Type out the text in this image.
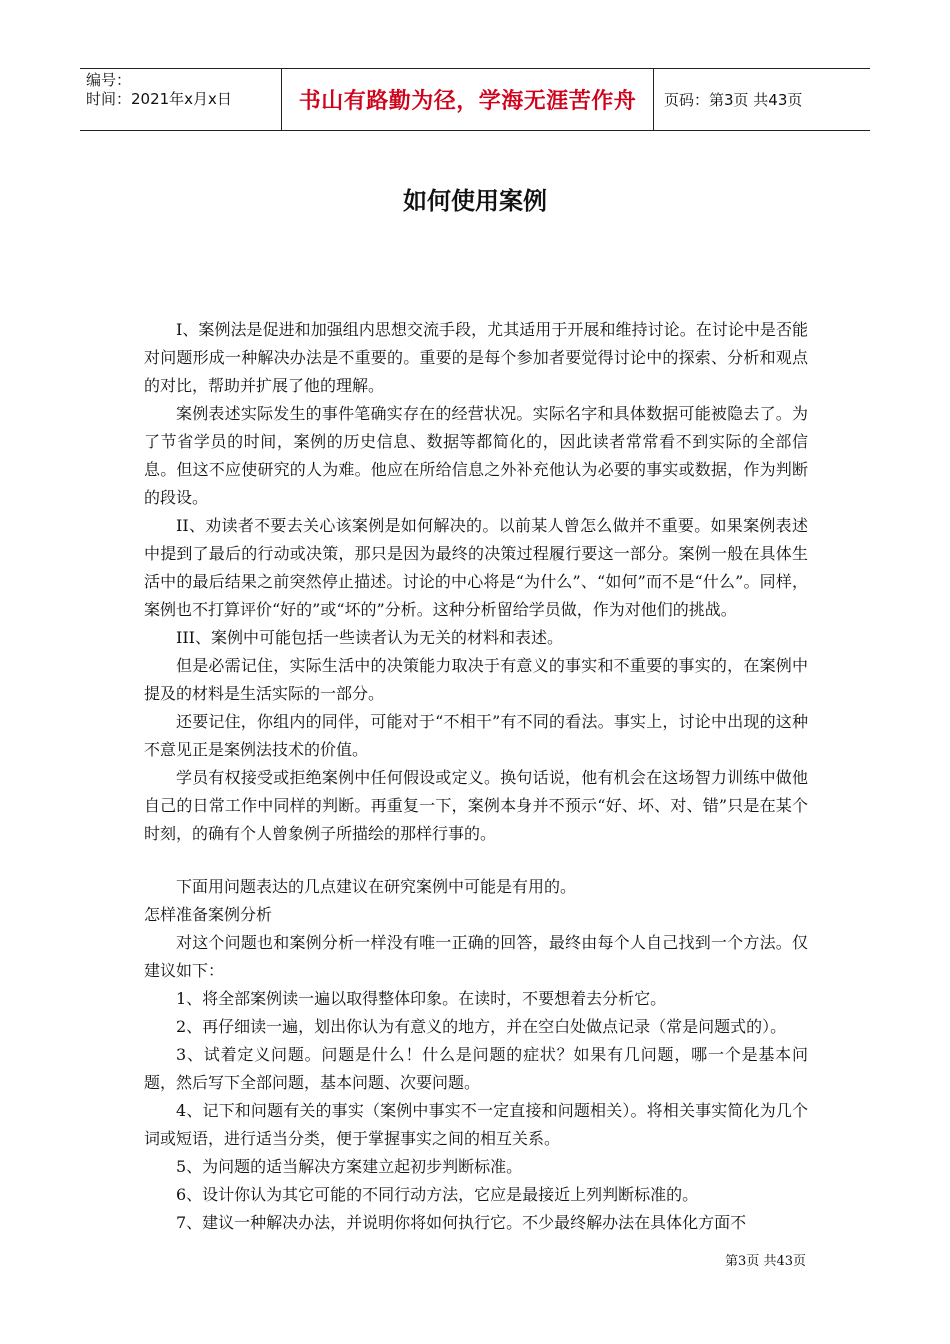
编号：
时间：2021年x月x日	书山有路勤为径，学海无涯苦作舟	页码：第3页 共43页
如何使用案例

I、案例法是促进和加强组内思想交流手段，尤其适用于开展和维持讨论。在讨论中是否能对问题形成一种解决办法是不重要的。重要的是每个参加者要觉得讨论中的探索、分析和观点的对比，帮助并扩展了他的理解。

案例表述实际发生的事件笔确实存在的经营状况。实际名字和具体数据可能被隐去了。为了节省学员的时间，案例的历史信息、数据等都简化的，因此读者常常看不到实际的全部信息。但这不应使研究的人为难。他应在所给信息之外补充他认为必要的事实或数据，作为判断的段设。

II、劝读者不要去关心该案例是如何解决的。以前某人曾怎么做并不重要。如果案例表述中提到了最后的行动或决策，那只是因为最终的决策过程履行要这一部分。案例一般在具体生活中的最后结果之前突然停止描述。讨论的中心将是“为什么”、“如何”而不是“什么”。同样，案例也不打算评价“好的”或“坏的”分析。这种分析留给学员做，作为对他们的挑战。

III、案例中可能包括一些读者认为无关的材料和表述。

但是必需记住，实际生活中的决策能力取决于有意义的事实和不重要的事实的，在案例中提及的材料是生活实际的一部分。

还要记住，你组内的同伴，可能对于“不相干”有不同的看法。事实上，讨论中出现的这种不意见正是案例法技术的价值。

学员有权接受或拒绝案例中任何假设或定义。换句话说，他有机会在这场智力训练中做他自己的日常工作中同样的判断。再重复一下，案例本身并不预示“好、坏、对、错”只是在某个时刻，的确有个人曾象例子所描绘的那样行事的。

下面用问题表达的几点建议在研究案例中可能是有用的。

怎样准备案例分析

对这个问题也和案例分析一样没有唯一正确的回答，最终由每个人自己找到一个方法。仅建议如下：

1、将全部案例读一遍以取得整体印象。在读时，不要想着去分析它。

2、再仔细读一遍，划出你认为有意义的地方，并在空白处做点记录（常是问题式的）。

3、试着定义问题。问题是什么！什么是问题的症状？如果有几问题，哪一个是基本问题，然后写下全部问题，基本问题、次要问题。

4、记下和问题有关的事实（案例中事实不一定直接和问题相关）。将相关事实简化为几个词或短语，进行适当分类，便于掌握事实之间的相互关系。

5、为问题的适当解决方案建立起初步判断标准。

6、设计你认为其它可能的不同行动方法，它应是最接近上列判断标准的。

7、建议一种解决办法，并说明你将如何执行它。不少最终解办法在具体化方面不

第3页 共43页
